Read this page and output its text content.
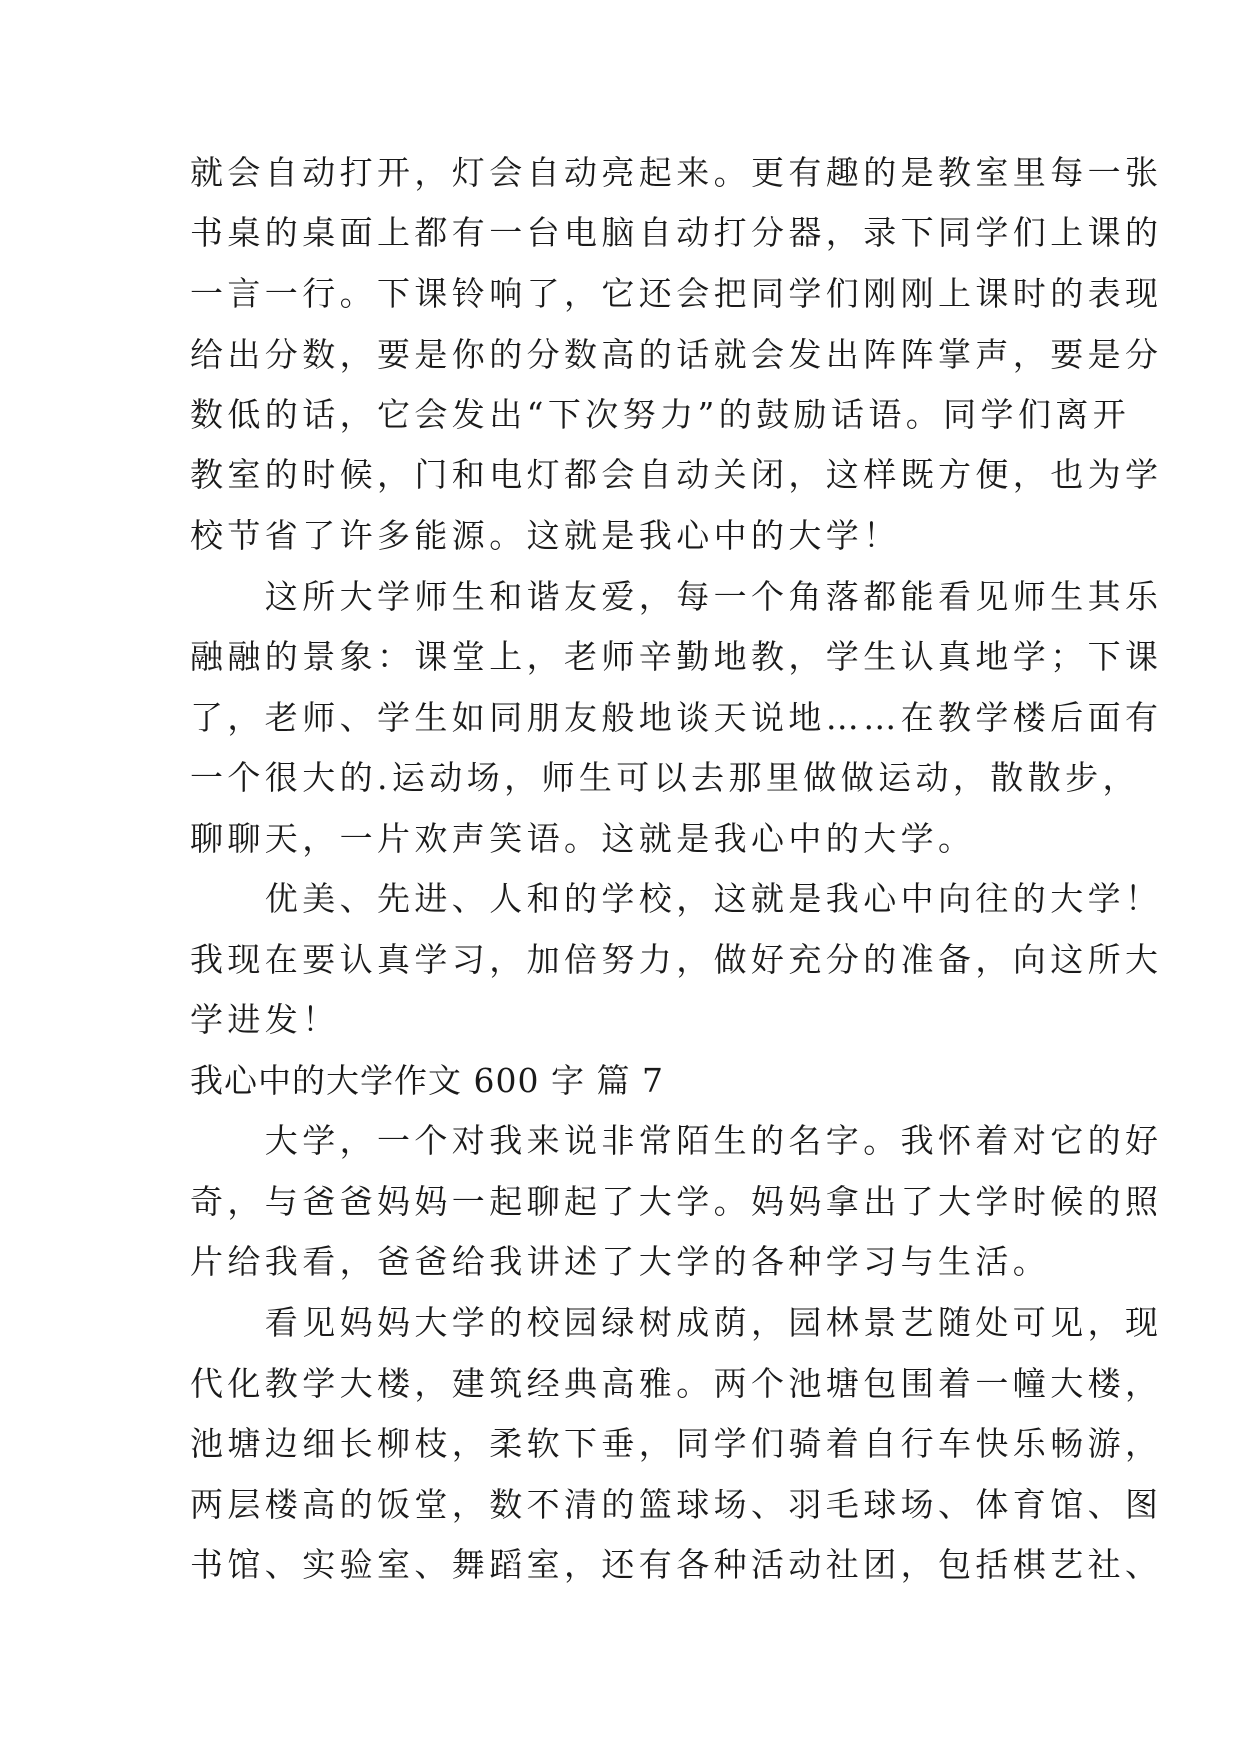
就会自动打开，灯会自动亮起来。更有趣的是教室里每一张
书桌的桌面上都有一台电脑自动打分器，录下同学们上课的
一言一行。下课铃响了，它还会把同学们刚刚上课时的表现
给出分数，要是你的分数高的话就会发出阵阵掌声，要是分
数低的话，它会发出“下次努力”的鼓励话语。同学们离开
教室的时候，门和电灯都会自动关闭，这样既方便，也为学
校节省了许多能源。这就是我心中的大学！
　　这所大学师生和谐友爱，每一个角落都能看见师生其乐
融融的景象：课堂上，老师辛勤地教，学生认真地学；下课
了，老师、学生如同朋友般地谈天说地……在教学楼后面有
一个很大的.运动场，师生可以去那里做做运动，散散步，
聊聊天，一片欢声笑语。这就是我心中的大学。
　　优美、先进、人和的学校，这就是我心中向往的大学！
我现在要认真学习，加倍努力，做好充分的准备，向这所大
学进发！
我心中的大学作文 600 字 篇 7
　　大学，一个对我来说非常陌生的名字。我怀着对它的好
奇，与爸爸妈妈一起聊起了大学。妈妈拿出了大学时候的照
片给我看，爸爸给我讲述了大学的各种学习与生活。
　　看见妈妈大学的校园绿树成荫，园林景艺随处可见，现
代化教学大楼，建筑经典高雅。两个池塘包围着一幢大楼，
池塘边细长柳枝，柔软下垂，同学们骑着自行车快乐畅游，
两层楼高的饭堂，数不清的篮球场、羽毛球场、体育馆、图
书馆、实验室、舞蹈室，还有各种活动社团，包括棋艺社、
